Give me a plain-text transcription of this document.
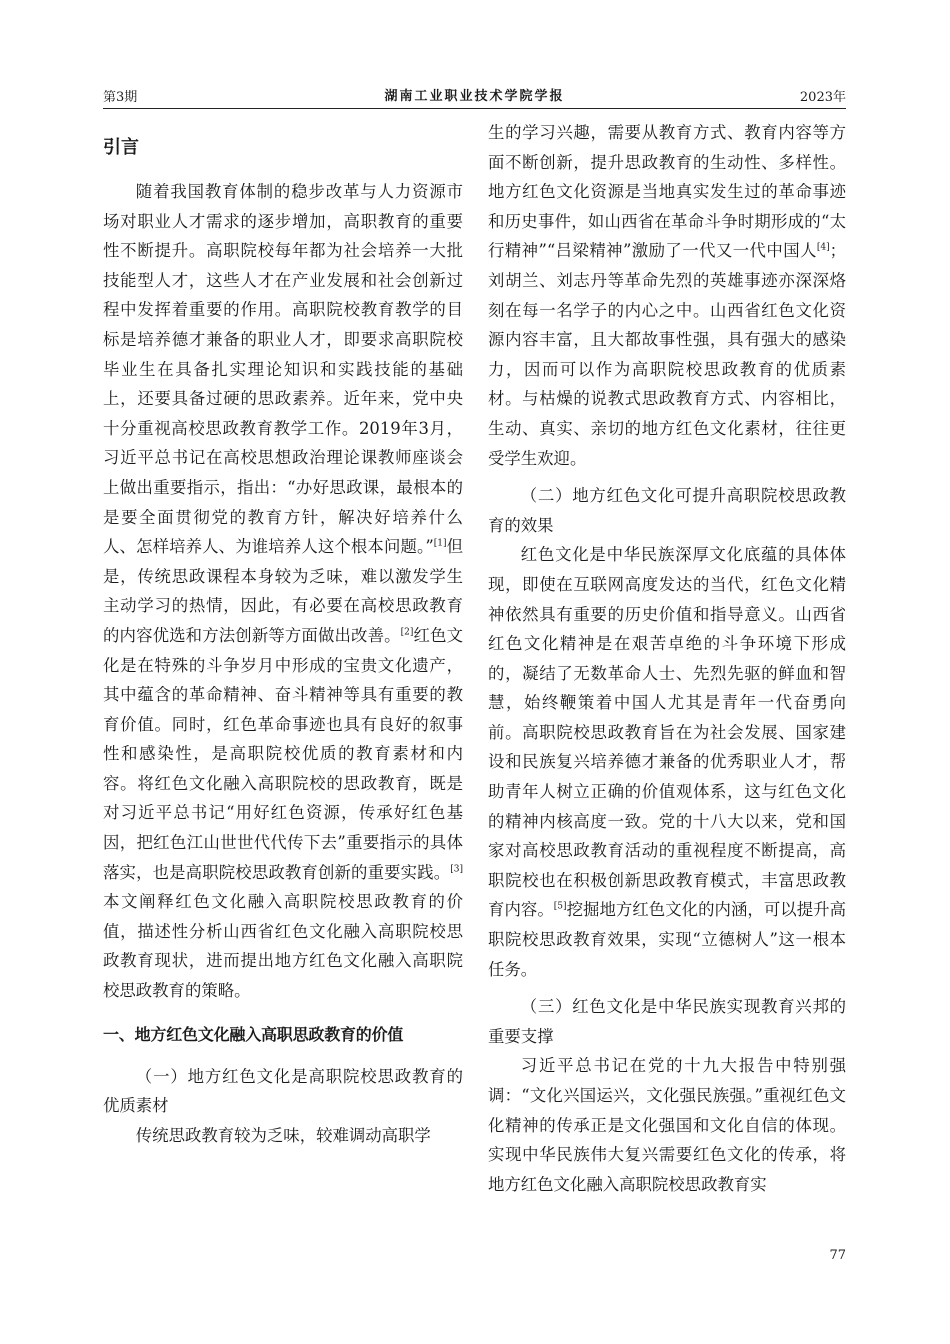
第3期	湖南工业职业技术学院学报	2023年
引言

随着我国教育体制的稳步改革与人力资源市场对职业人才需求的逐步增加，高职教育的重要性不断提升。高职院校每年都为社会培养一大批技能型人才，这些人才在产业发展和社会创新过程中发挥着重要的作用。高职院校教育教学的目标是培养德才兼备的职业人才，即要求高职院校毕业生在具备扎实理论知识和实践技能的基础上，还要具备过硬的思政素养。近年来，党中央十分重视高校思政教育教学工作。2019年3月，习近平总书记在高校思想政治理论课教师座谈会上做出重要指示，指出：“办好思政课，最根本的是要全面贯彻党的教育方针，解决好培养什么人、怎样培养人、为谁培养人这个根本问题。”[1]但是，传统思政课程本身较为乏味，难以激发学生主动学习的热情，因此，有必要在高校思政教育的内容优选和方法创新等方面做出改善。[2]红色文化是在特殊的斗争岁月中形成的宝贵文化遗产，其中蕴含的革命精神、奋斗精神等具有重要的教育价值。同时，红色革命事迹也具有良好的叙事性和感染性，是高职院校优质的教育素材和内容。将红色文化融入高职院校的思政教育，既是对习近平总书记“用好红色资源，传承好红色基因，把红色江山世世代代传下去”重要指示的具体落实，也是高职院校思政教育创新的重要实践。[3]本文阐释红色文化融入高职院校思政教育的价值，描述性分析山西省红色文化融入高职院校思政教育现状，进而提出地方红色文化融入高职院校思政教育的策略。

一、地方红色文化融入高职思政教育的价值

（一）地方红色文化是高职院校思政教育的优质素材

传统思政教育较为乏味，较难调动高职学

生的学习兴趣，需要从教育方式、教育内容等方面不断创新，提升思政教育的生动性、多样性。地方红色文化资源是当地真实发生过的革命事迹和历史事件，如山西省在革命斗争时期形成的“太行精神”“吕梁精神”激励了一代又一代中国人[4]；刘胡兰、刘志丹等革命先烈的英雄事迹亦深深烙刻在每一名学子的内心之中。山西省红色文化资源内容丰富，且大都故事性强，具有强大的感染力，因而可以作为高职院校思政教育的优质素材。与枯燥的说教式思政教育方式、内容相比，生动、真实、亲切的地方红色文化素材，往往更受学生欢迎。

（二）地方红色文化可提升高职院校思政教育的效果

红色文化是中华民族深厚文化底蕴的具体体现，即使在互联网高度发达的当代，红色文化精神依然具有重要的历史价值和指导意义。山西省红色文化精神是在艰苦卓绝的斗争环境下形成的，凝结了无数革命人士、先烈先驱的鲜血和智慧，始终鞭策着中国人尤其是青年一代奋勇向前。高职院校思政教育旨在为社会发展、国家建设和民族复兴培养德才兼备的优秀职业人才，帮助青年人树立正确的价值观体系，这与红色文化的精神内核高度一致。党的十八大以来，党和国家对高校思政教育活动的重视程度不断提高，高职院校也在积极创新思政教育模式，丰富思政教育内容。[5]挖掘地方红色文化的内涵，可以提升高职院校思政教育效果，实现“立德树人”这一根本任务。

（三）红色文化是中华民族实现教育兴邦的重要支撑

习近平总书记在党的十九大报告中特别强调：“文化兴国运兴，文化强民族强。”重视红色文化精神的传承正是文化强国和文化自信的体现。实现中华民族伟大复兴需要红色文化的传承，将地方红色文化融入高职院校思政教育实

77
